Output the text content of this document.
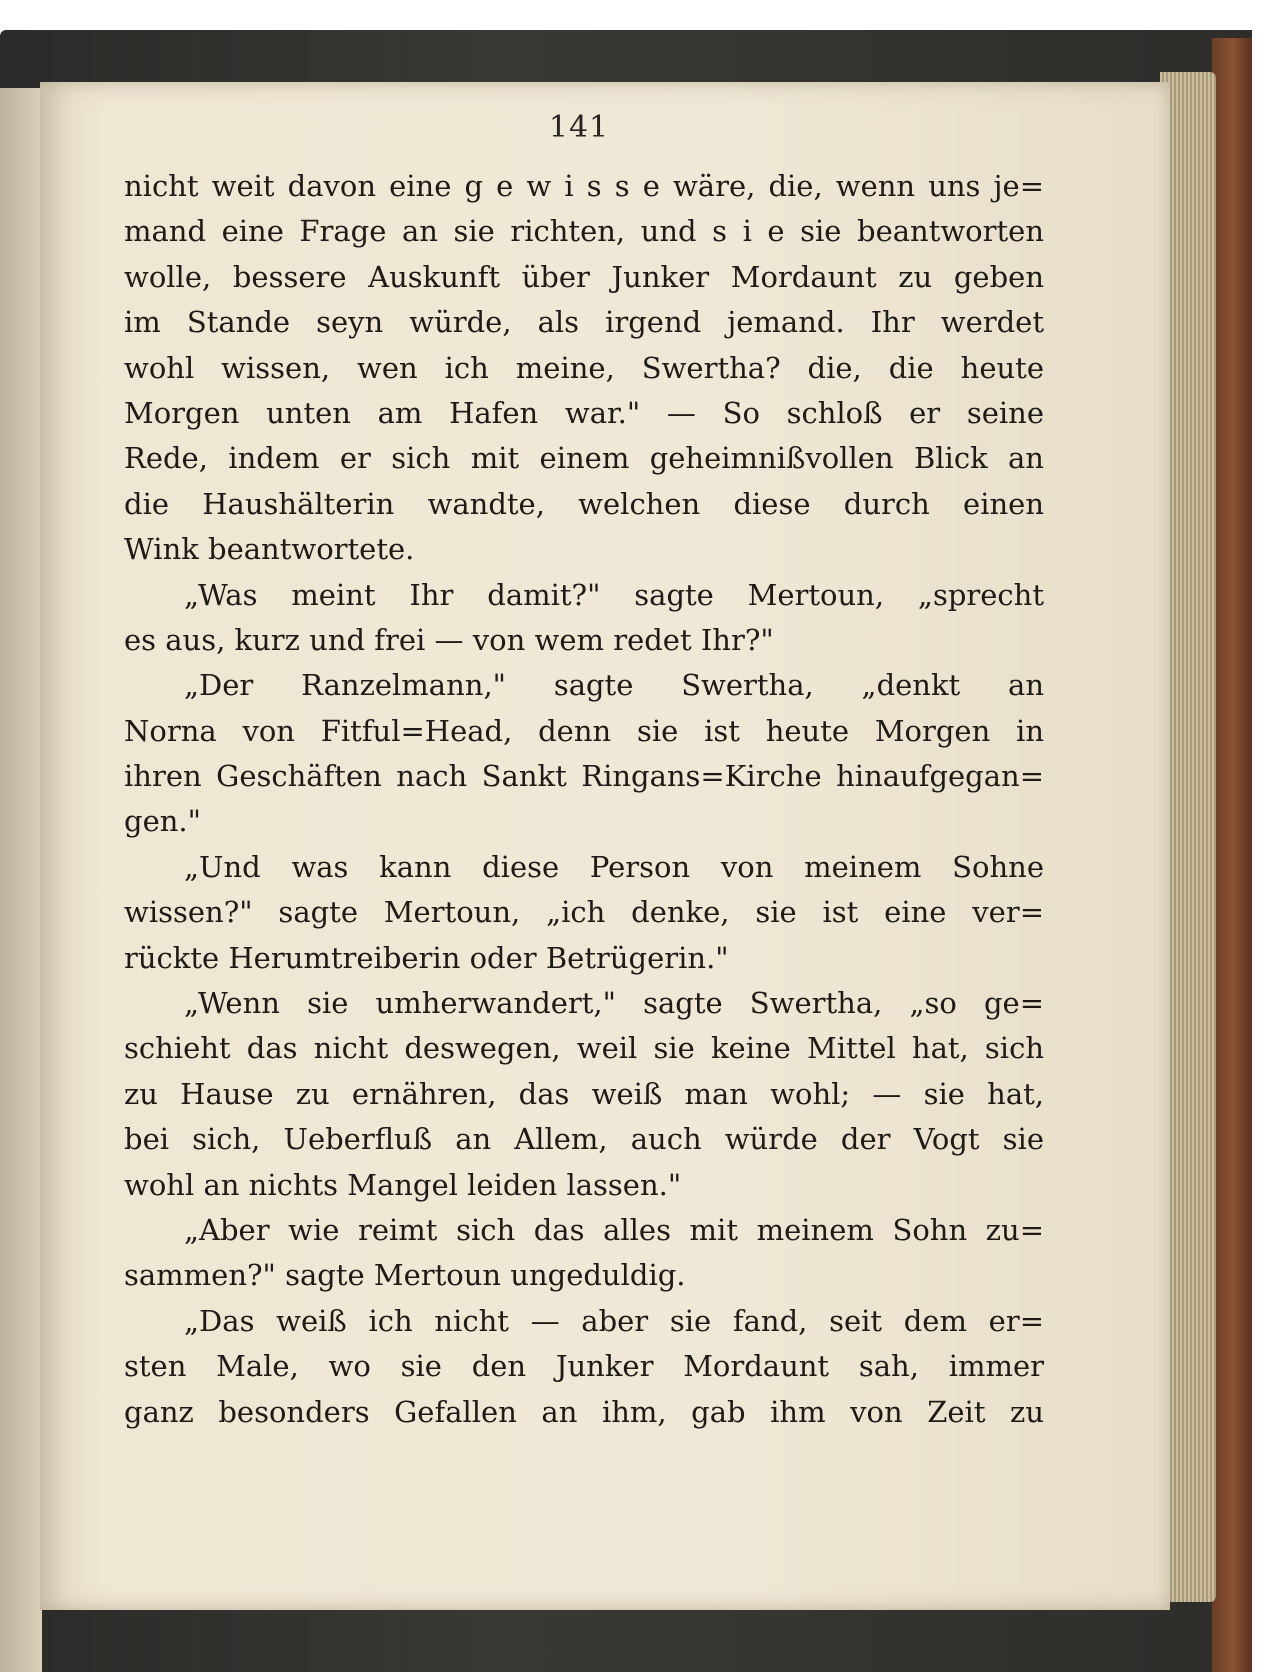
141
nicht weit davon eine g e w i s s e wäre, die, wenn uns je=
mand eine Frage an sie richten, und s i e sie beantworten
wolle, bessere Auskunft über Junker Mordaunt zu geben
im Stande seyn würde, als irgend jemand. Ihr werdet
wohl wissen, wen ich meine, Swertha? die, die heute
Morgen unten am Hafen war." — So schloß er seine
Rede, indem er sich mit einem geheimnißvollen Blick an
die Haushälterin wandte, welchen diese durch einen
Wink beantwortete.
„Was meint Ihr damit?" sagte Mertoun, „sprecht
es aus, kurz und frei — von wem redet Ihr?"
„Der Ranzelmann," sagte Swertha, „denkt an
Norna von Fitful=Head, denn sie ist heute Morgen in
ihren Geschäften nach Sankt Ringans=Kirche hinaufgegan=
gen."
„Und was kann diese Person von meinem Sohne
wissen?" sagte Mertoun, „ich denke, sie ist eine ver=
rückte Herumtreiberin oder Betrügerin."
„Wenn sie umherwandert," sagte Swertha, „so ge=
schieht das nicht deswegen, weil sie keine Mittel hat, sich
zu Hause zu ernähren, das weiß man wohl; — sie hat,
bei sich, Ueberfluß an Allem, auch würde der Vogt sie
wohl an nichts Mangel leiden lassen."
„Aber wie reimt sich das alles mit meinem Sohn zu=
sammen?" sagte Mertoun ungeduldig.
„Das weiß ich nicht — aber sie fand, seit dem er=
sten Male, wo sie den Junker Mordaunt sah, immer
ganz besonders Gefallen an ihm, gab ihm von Zeit zu
